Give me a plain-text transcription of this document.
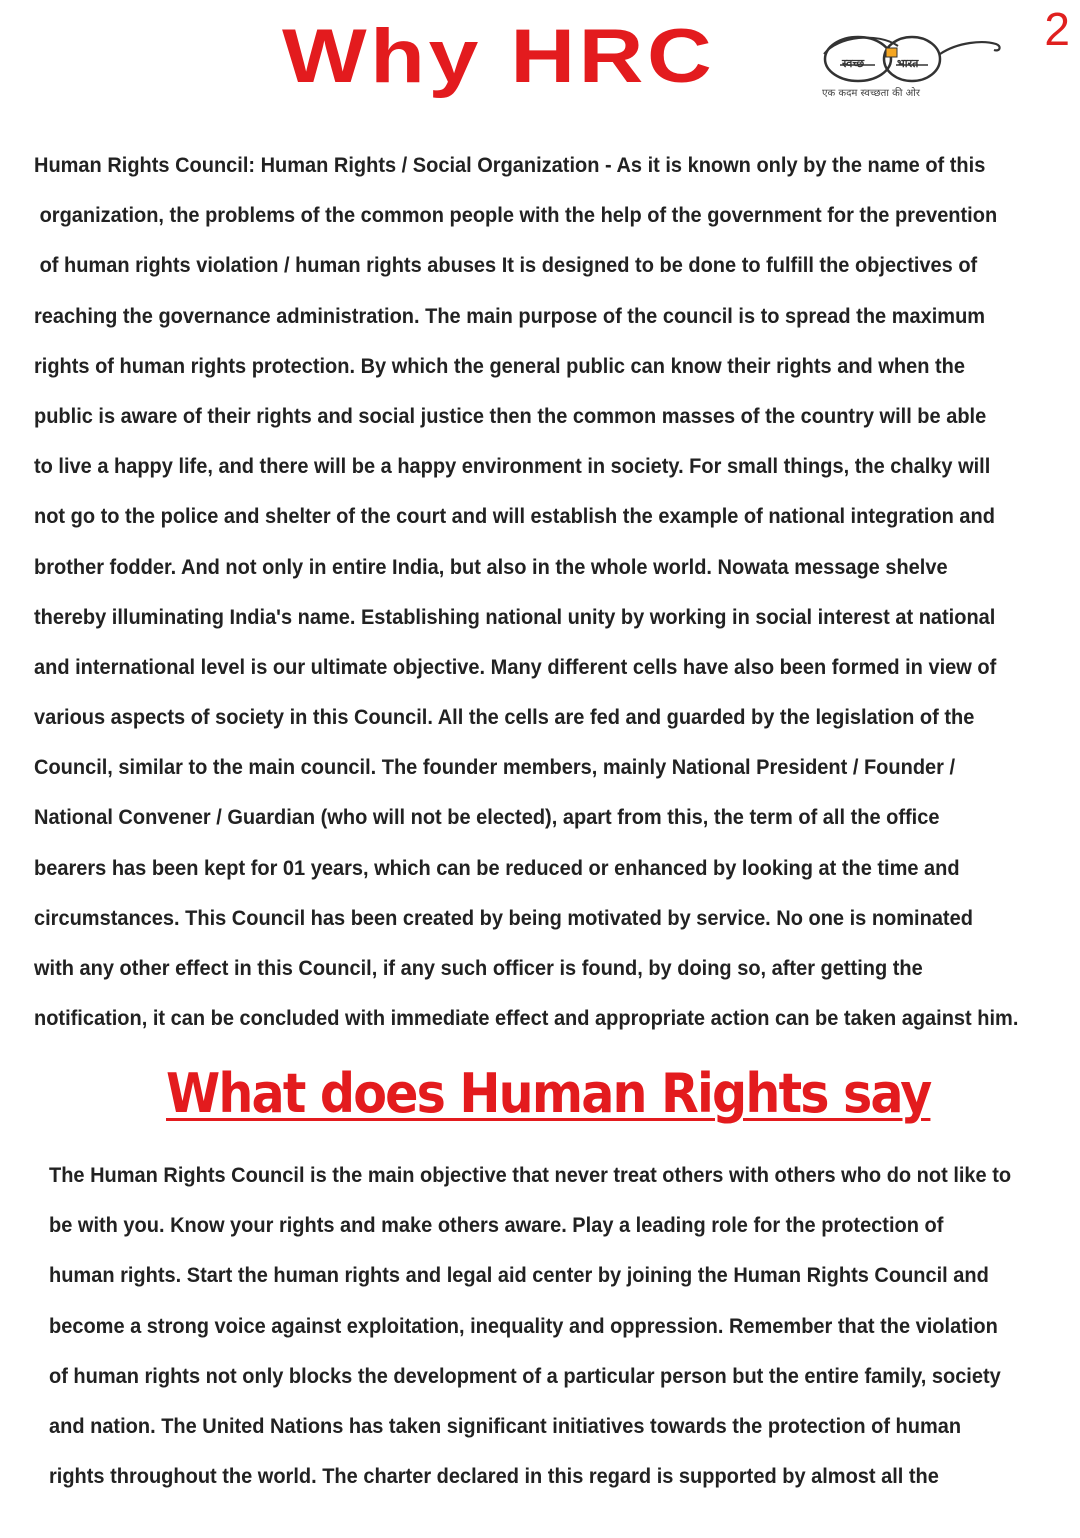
2
Why HRC	स्वच्छ	भारत
एक कदम स्वच्छता की ओर
Human Rights Council: Human Rights / Social Organization - As it is known only by the name of this
organization, the problems of the common people with the help of the government for the prevention
of human rights violation / human rights abuses It is designed to be done to fulfill the objectives of
reaching the governance administration. The main purpose of the council is to spread the maximum
rights of human rights protection. By which the general public can know their rights and when the
public is aware of their rights and social justice then the common masses of the country will be able
to live a happy life, and there will be a happy environment in society. For small things, the chalky will
not go to the police and shelter of the court and will establish the example of national integration and
brother fodder. And not only in entire India, but also in the whole world. Nowata message shelve
thereby illuminating India's name. Establishing national unity by working in social interest at national
and international level is our ultimate objective. Many different cells have also been formed in view of
various aspects of society in this Council. All the cells are fed and guarded by the legislation of the
Council, similar to the main council. The founder members, mainly National President / Founder /
National Convener / Guardian (who will not be elected), apart from this, the term of all the office
bearers has been kept for 01 years, which can be reduced or enhanced by looking at the time and
circumstances. This Council has been created by being motivated by service. No one is nominated
with any other effect in this Council, if any such officer is found, by doing so, after getting the
notification, it can be concluded with immediate effect and appropriate action can be taken against him.
What does Human Rights say
The Human Rights Council is the main objective that never treat others with others who do not like to
be with you. Know your rights and make others aware. Play a leading role for the protection of
human rights. Start the human rights and legal aid center by joining the Human Rights Council and
become a strong voice against exploitation, inequality and oppression. Remember that the violation
of human rights not only blocks the development of a particular person but the entire family, society
and nation. The United Nations has taken significant initiatives towards the protection of human
rights throughout the world. The charter declared in this regard is supported by almost all the
